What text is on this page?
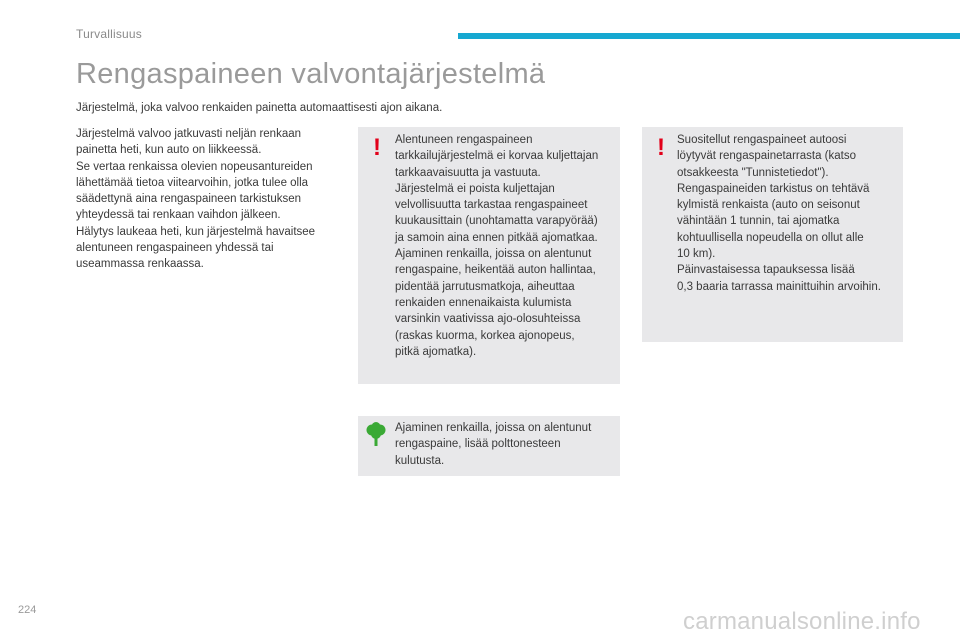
Turvallisuus
Rengaspaineen valvontajärjestelmä

Järjestelmä, joka valvoo renkaiden painetta automaattisesti ajon aikana.

Järjestelmä valvoo jatkuvasti neljän renkaan

painetta heti, kun auto on liikkeessä.

Se vertaa renkaissa olevien nopeusantureiden

lähettämää tietoa viitearvoihin, jotka tulee olla

säädettynä aina rengaspaineen tarkistuksen

yhteydessä tai renkaan vaihdon jälkeen.

Hälytys laukeaa heti, kun järjestelmä havaitsee

alentuneen rengaspaineen yhdessä tai

useammassa renkaassa.

!	Alentuneen rengaspaineen

tarkkailujärjestelmä ei korvaa kuljettajan

tarkkaavaisuutta ja vastuuta.

Järjestelmä ei poista kuljettajan

velvollisuutta tarkastaa rengaspaineet

kuukausittain (unohtamatta varapyörää)

ja samoin aina ennen pitkää ajomatkaa.

Ajaminen renkailla, joissa on alentunut

rengaspaine, heikentää auton hallintaa,

pidentää jarrutusmatkoja, aiheuttaa

renkaiden ennenaikaista kulumista

varsinkin vaativissa ajo-olosuhteissa

(raskas kuorma, korkea ajonopeus,

pitkä ajomatka).

!	Suositellut rengaspaineet autoosi

löytyvät rengaspainetarrasta (katso

otsakkeesta "Tunnistetiedot").

Rengaspaineiden tarkistus on tehtävä

kylmistä renkaista (auto on seisonut

vähintään 1 tunnin, tai ajomatka

kohtuullisella nopeudella on ollut alle

10 km).

Päinvastaisessa tapauksessa lisää

0,3 baaria tarrassa mainittuihin arvoihin.

Ajaminen renkailla, joissa on alentunut

rengaspaine, lisää polttonesteen

kulutusta.

224	carmanualsonline.info
